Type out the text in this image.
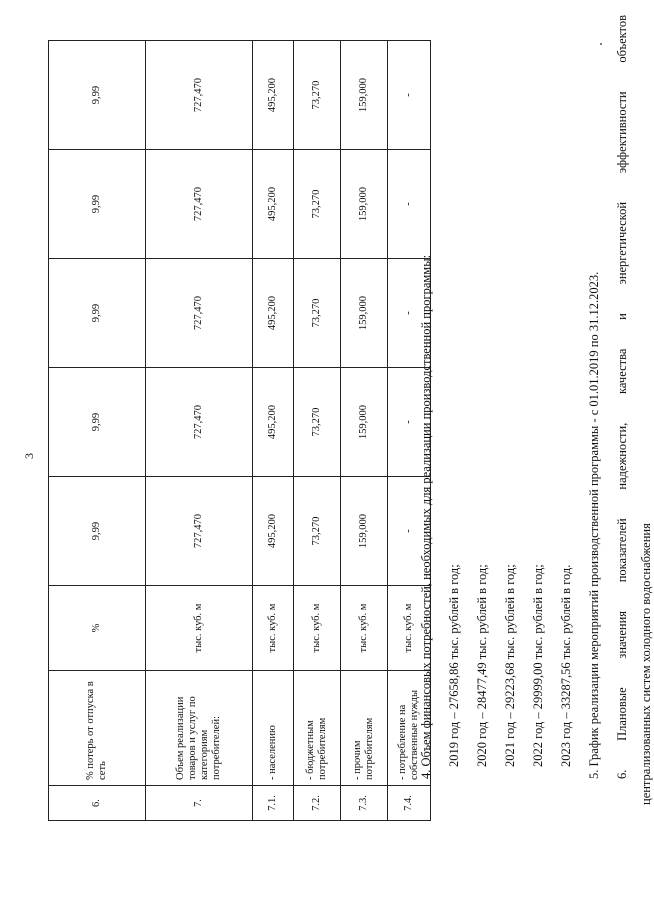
3
6.	% потерь от отпуска в сеть	%	9,99	9,99	9,99	9,99	9,99
7.	Объем реализации товаров и услуг по категориям потребителей:	тыс. куб. м	727,470	727,470	727,470	727,470	727,470
7.1.	- населению	тыс. куб. м	495,200	495,200	495,200	495,200	495,200
7.2.	- бюджетным потребителям	тыс. куб. м	73,270	73,270	73,270	73,270	73,270
7.3.	- прочим потребителям	тыс. куб. м	159,000	159,000	159,000	159,000	159,000
7.4.	- потребление на собственные нужды	тыс. куб. м	-	-	-	-	-
4. Объем финансовых потребностей, необходимых для реализации производственной программы:	2019 год – 27658,86 тыс. рублей в год;	2020 год – 28477,49 тыс. рублей в год;	2021 год – 29223,68 тыс. рублей в год;	2022 год – 29999,00 тыс. рублей в год;	2023 год – 33287,56 тыс. рублей в год.	5. График реализации мероприятий производственной программы - с 01.01.2019 по 31.12.2023.	6. Плановые значения показателей надежности, качества и энергетической эффективности объектов централизованных систем холодного водоснабжения
